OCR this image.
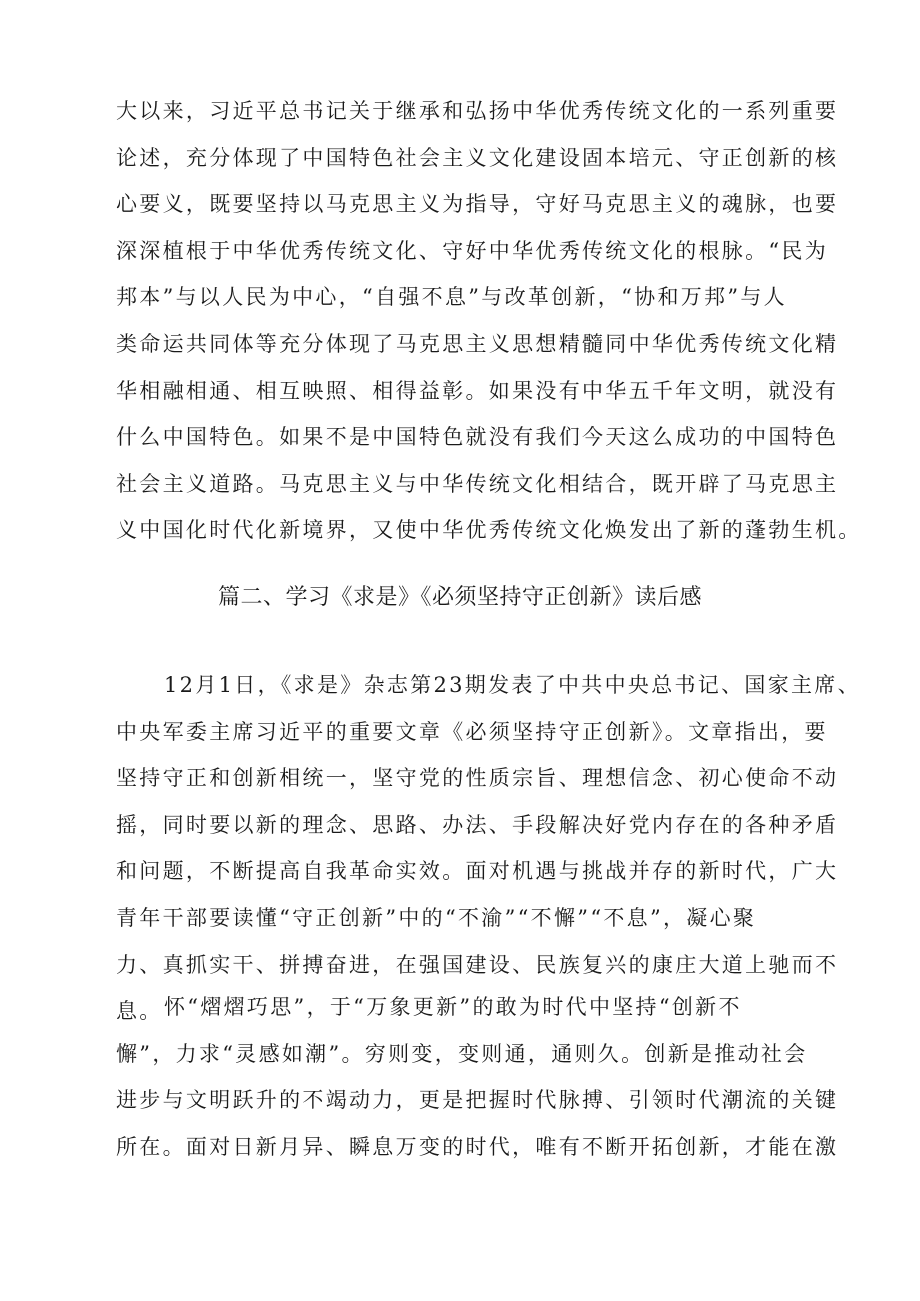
大以来，习近平总书记关于继承和弘扬中华优秀传统文化的一系列重要
论述，充分体现了中国特色社会主义文化建设固本培元、守正创新的核
心要义，既要坚持以马克思主义为指导，守好马克思主义的魂脉，也要
深深植根于中华优秀传统文化、守好中华优秀传统文化的根脉。“民为
邦本”与以人民为中心，“自强不息”与改革创新，“协和万邦”与人
类命运共同体等充分体现了马克思主义思想精髓同中华优秀传统文化精
华相融相通、相互映照、相得益彰。如果没有中华五千年文明，就没有
什么中国特色。如果不是中国特色就没有我们今天这么成功的中国特色
社会主义道路。马克思主义与中华传统文化相结合，既开辟了马克思主
义中国化时代化新境界，又使中华优秀传统文化焕发出了新的蓬勃生机。
篇二、学习《求是》《必须坚持守正创新》读后感
12月1日，《求是》杂志第23期发表了中共中央总书记、国家主席、
中央军委主席习近平的重要文章《必须坚持守正创新》。文章指出，要
坚持守正和创新相统一，坚守党的性质宗旨、理想信念、初心使命不动
摇，同时要以新的理念、思路、办法、手段解决好党内存在的各种矛盾
和问题，不断提高自我革命实效。面对机遇与挑战并存的新时代，广大
青年干部要读懂“守正创新”中的“不渝”“不懈”“不息”，凝心聚
力、真抓实干、拼搏奋进，在强国建设、民族复兴的康庄大道上驰而不
息。 怀“熠熠巧思”，于“万象更新”的敢为时代中坚持“创新不
懈”，力求“灵感如潮”。穷则变，变则通，通则久。创新是推动社会
进步与文明跃升的不竭动力，更是把握时代脉搏、引领时代潮流的关键
所在。面对日新月异、瞬息万变的时代，唯有不断开拓创新，才能在激
